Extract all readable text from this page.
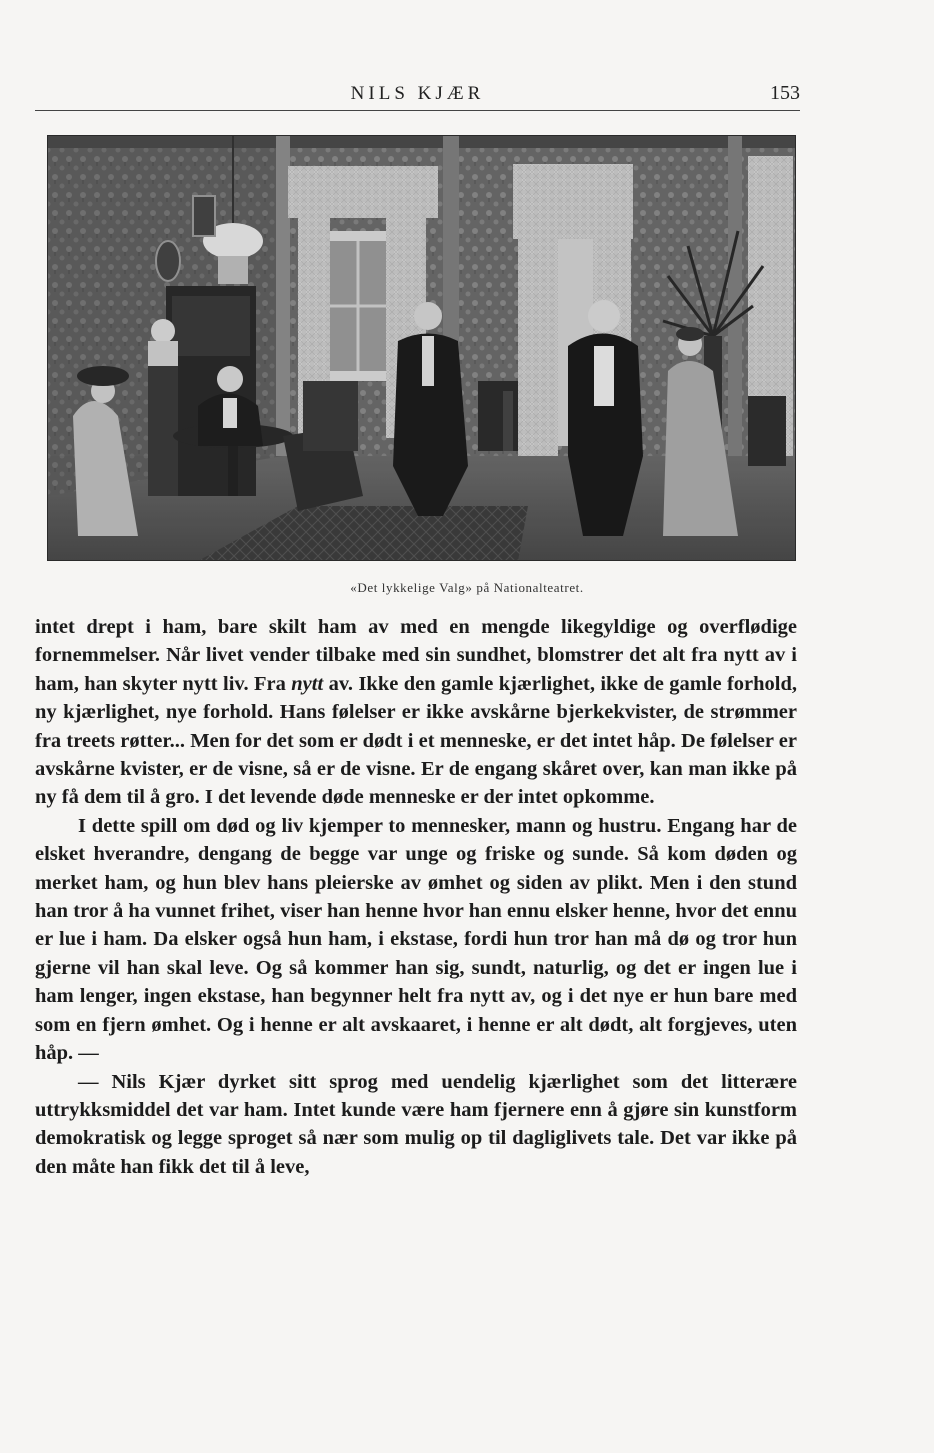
NILS KJÆR	153
«Det lykkelige Valg» på Nationalteatret.

intet drept i ham, bare skilt ham av med en mengde likegyldige og overflødige fornemmelser. Når livet vender tilbake med sin sundhet, blomstrer det alt fra nytt av i ham, han skyter nytt liv. Fra nytt av. Ikke den gamle kjærlighet, ikke de gamle forhold, ny kjærlighet, nye forhold. Hans følelser er ikke avskårne bjerkekvister, de strømmer fra treets røtter... Men for det som er dødt i et menneske, er det intet håp. De følelser er avskårne kvister, er de visne, så er de visne. Er de engang skåret over, kan man ikke på ny få dem til å gro. I det levende døde menneske er der intet opkomme.

I dette spill om død og liv kjemper to mennesker, mann og hustru. Engang har de elsket hverandre, dengang de begge var unge og friske og sunde. Så kom døden og merket ham, og hun blev hans pleierske av ømhet og siden av plikt. Men i den stund han tror å ha vunnet frihet, viser han henne hvor han ennu elsker henne, hvor det ennu er lue i ham. Da elsker også hun ham, i ekstase, fordi hun tror han må dø og tror hun gjerne vil han skal leve. Og så kommer han sig, sundt, naturlig, og det er ingen lue i ham lenger, ingen ekstase, han begynner helt fra nytt av, og i det nye er hun bare med som en fjern ømhet. Og i henne er alt avskaaret, i henne er alt dødt, alt forgjeves, uten håp. —

— Nils Kjær dyrket sitt sprog med uendelig kjærlighet som det litterære uttrykksmiddel det var ham. Intet kunde være ham fjernere enn å gjøre sin kunstform demokratisk og legge sproget så nær som mulig op til dagliglivets tale. Det var ikke på den måte han fikk det til å leve,
